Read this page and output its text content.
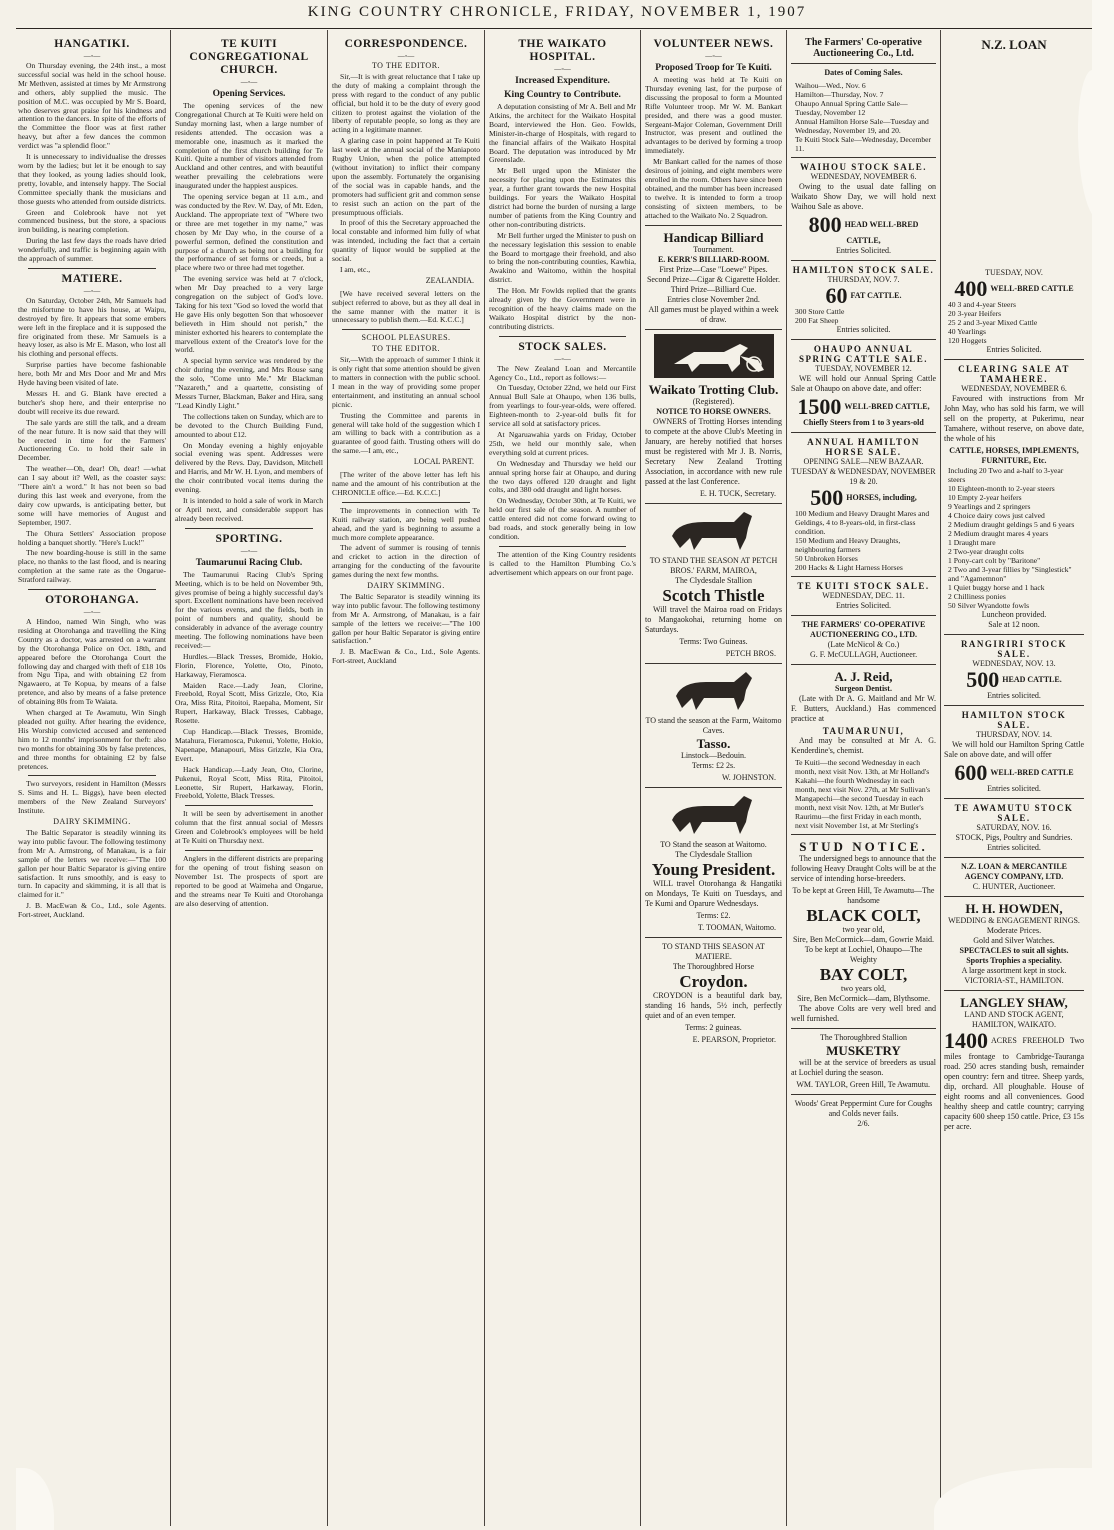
KING COUNTRY CHRONICLE, FRIDAY, NOVEMBER 1, 1907
HANGATIKI.
—◦—

On Thursday evening, the 24th inst., a most successful social was held in the school house. Mr Methven, assisted at times by Mr Armstrong and others, ably supplied the music. The position of M.C. was occupied by Mr S. Board, who deserves great praise for his kindness and attention to the dancers. In spite of the efforts of the Committee the floor was at first rather heavy, but after a few dances the common verdict was "a splendid floor."

It is unnecessary to individualise the dresses worn by the ladies; but let it be enough to say that they looked, as young ladies should look, pretty, lovable, and intensely happy. The Social Committee specially thank the musicians and those guests who attended from outside districts.

Green and Colebrook have not yet commenced business, but the store, a spacious iron building, is nearing completion.

During the last few days the roads have dried wonderfully, and traffic is beginning again with the approach of summer.

MATIERE.
—◦—

On Saturday, October 24th, Mr Samuels had the misfortune to have his house, at Waipu, destroyed by fire. It appears that some embers were left in the fireplace and it is supposed the fire originated from these. Mr Samuels is a heavy loser, as also is Mr E. Mason, who lost all his clothing and personal effects.

Surprise parties have become fashionable here, both Mr and Mrs Door and Mr and Mrs Hyde having been visited of late.

Messrs H. and G. Blank have erected a butcher's shop here, and their enterprise no doubt will receive its due reward.

The sale yards are still the talk, and a dream of the near future. It is now said that they will be erected in time for the Farmers' Auctioneering Co. to hold their sale in December.

The weather—Oh, dear! Oh, dear! —what can I say about it? Well, as the coaster says: "There ain't a word." It has not been so bad during this last week and everyone, from the dairy cow upwards, is anticipating better, but some will have memories of August and September, 1907.

The Ohura Settlers' Association propose holding a banquet shortly. "Here's Luck!"

The new boarding-house is still in the same place, no thanks to the last flood, and is nearing completion at the same rate as the Ongarue-Stratford railway.

OTOROHANGA.
—◦—

A Hindoo, named Win Singh, who was residing at Otorohanga and travelling the King Country as a doctor, was arrested on a warrant by the Otorohanga Police on Oct. 18th, and appeared before the Otorohanga Court the following day and charged with theft of £18 10s from Ngu Tipa, and with obtaining £2 from Ngawaero, at Te Kopua, by means of a false pretence, and also by means of a false pretence of obtaining 80s from Te Waiata.

When charged at Te Awamutu, Win Singh pleaded not guilty. After hearing the evidence, His Worship convicted accused and sentenced him to 12 months' imprisonment for theft: also two months for obtaining 30s by false pretences, and three months for obtaining £2 by false pretences.

Two surveyors, resident in Hamilton (Messrs S. Sims and H. L. Biggs), have been elected members of the New Zealand Surveyors' Institute.

DAIRY SKIMMING.

The Baltic Separator is steadily winning its way into public favour. The following testimony from Mr A. Armstrong, of Manakau, is a fair sample of the letters we receive:—"The 100 gallon per hour Baltic Separator is giving entire satisfaction. It runs smoothly, and is easy to turn. In capacity and skimming, it is all that is claimed for it."

J. B. MacEwan & Co., Ltd., sole Agents. Fort-street, Auckland.

TE KUITI CONGREGATIONAL CHURCH.
—◦—
Opening Services.

The opening services of the new Congregational Church at Te Kuiti were held on Sunday morning last, when a large number of residents attended. The occasion was a memorable one, inasmuch as it marked the completion of the first church building for Te Kuiti. Quite a number of visitors attended from Auckland and other centres, and with beautiful weather prevailing the celebrations were inaugurated under the happiest auspices.

The opening service began at 11 a.m., and was conducted by the Rev. W. Day, of Mt. Eden, Auckland. The appropriate text of "Where two or three are met together in my name," was chosen by Mr Day who, in the course of a powerful sermon, defined the constitution and purpose of a church as being not a building for the performance of set forms or creeds, but a place where two or three had met together.

The evening service was held at 7 o'clock, when Mr Day preached to a very large congregation on the subject of God's love. Taking for his text "God so loved the world that He gave His only begotten Son that whosoever believeth in Him should not perish," the minister exhorted his hearers to contemplate the marvellous extent of the Creator's love for the world.

A special hymn service was rendered by the choir during the evening, and Mrs Rouse sang the solo, "Come unto Me." Mr Blackman "Nazareth," and a quartette, consisting of Messrs Turner, Blackman, Baker and Hira, sang "Lead Kindly Light."

The collections taken on Sunday, which are to be devoted to the Church Building Fund, amounted to about £12.

On Monday evening a highly enjoyable social evening was spent. Addresses were delivered by the Revs. Day, Davidson, Mitchell and Harris, and Mr W. H. Lyon, and members of the choir contributed vocal items during the evening.

It is intended to hold a sale of work in March or April next, and considerable support has already been received.

SPORTING.
—◦—
Taumarunui Racing Club.

The Taumarunui Racing Club's Spring Meeting, which is to be held on November 9th, gives promise of being a highly successful day's sport. Excellent nominations have been received for the various events, and the fields, both in point of numbers and quality, should be considerably in advance of the average country meeting. The following nominations have been received:—

Hurdles.—Black Tresses, Bromide, Hokio, Florin, Florence, Yolette, Oto, Pinoto, Harkaway, Fieramosca.

Maiden Race.—Lady Jean, Clorine, Freebold, Royal Scott, Miss Grizzle, Oto, Kia Ora, Miss Rita, Pitoitoi, Raepaha, Moment, Sir Rupert, Harkaway, Black Tresses, Cabbage, Rosette.

Cup Handicap.—Black Tresses, Bromide, Matahura, Fieramosca, Pukenui, Yolette, Hokio, Napenape, Manapouri, Miss Grizzle, Kia Ora, Evert.

Hack Handicap.—Lady Jean, Oto, Clorine, Pukenui, Royal Scott, Miss Rita, Pitoitoi, Leonette, Sir Rupert, Harkaway, Florin, Freebold, Yolette, Black Tresses.

It will be seen by advertisement in another column that the first annual social of Messrs Green and Colebrook's employees will be held at Te Kuiti on Thursday next.

Anglers in the different districts are preparing for the opening of trout fishing season on November 1st. The prospects of sport are reported to be good at Waimeha and Ongarue, and the streams near Te Kuiti and Otorohanga are also deserving of attention.

CORRESPONDENCE.
—◦—
TO THE EDITOR.

Sir,—It is with great reluctance that I take up the duty of making a complaint through the press with regard to the conduct of any public official, but hold it to be the duty of every good citizen to protest against the violation of the liberty of reputable people, so long as they are acting in a legitimate manner.

A glaring case in point happened at Te Kuiti last week at the annual social of the Maniapoto Rugby Union, when the police attempted (without invitation) to inflict their company upon the assembly. Fortunately the organising of the social was in capable hands, and the promoters had sufficient grit and common sense to resist such an action on the part of the presumptuous officials.

In proof of this the Secretary approached the local constable and informed him fully of what was intended, including the fact that a certain quantity of liquor would be supplied at the social.

I am, etc.,

ZEALANDIA.

[We have received several letters on the subject referred to above, but as they all deal in the same manner with the matter it is unnecessary to publish them.—Ed. K.C.C.]

SCHOOL PLEASURES.
TO THE EDITOR.

Sir,—With the approach of summer I think it is only right that some attention should be given to matters in connection with the public school. I mean in the way of providing some proper entertainment, and instituting an annual school picnic.

Trusting the Committee and parents in general will take hold of the suggestion which I am willing to back with a contribution as a guarantee of good faith. Trusting others will do the same.—I am, etc.,

LOCAL PARENT.

[The writer of the above letter has left his name and the amount of his contribution at the CHRONICLE office.—Ed. K.C.C.]

The improvements in connection with Te Kuiti railway station, are being well pushed ahead, and the yard is beginning to assume a much more complete appearance.

The advent of summer is rousing of tennis and cricket to action in the direction of arranging for the conducting of the favourite games during the next few months.

DAIRY SKIMMING.

The Baltic Separator is steadily winning its way into public favour. The following testimony from Mr A. Armstrong, of Manakau, is a fair sample of the letters we receive:—"The 100 gallon per hour Baltic Separator is giving entire satisfaction."

J. B. MacEwan & Co., Ltd., Sole Agents. Fort-street, Auckland

THE WAIKATO HOSPITAL.
—◦—
Increased Expenditure.
King Country to Contribute.

A deputation consisting of Mr A. Bell and Mr Atkins, the architect for the Waikato Hospital Board, interviewed the Hon. Geo. Fowlds, Minister-in-charge of Hospitals, with regard to the financial affairs of the Waikato Hospital Board. The deputation was introduced by Mr Greenslade.

Mr Bell urged upon the Minister the necessity for placing upon the Estimates this year, a further grant towards the new Hospital buildings. For years the Waikato Hospital district had borne the burden of nursing a large number of patients from the King Country and other non-contributing districts.

Mr Bell further urged the Minister to push on the necessary legislation this session to enable the Board to mortgage their freehold, and also to bring the non-contributing counties, Kawhia, Awakino and Waitomo, within the hospital district.

The Hon. Mr Fowlds replied that the grants already given by the Government were in recognition of the heavy claims made on the Waikato Hospital district by the non-contributing districts.

STOCK SALES.
—◦—

The New Zealand Loan and Mercantile Agency Co., Ltd., report as follows:—

On Tuesday, October 22nd, we held our First Annual Bull Sale at Ohaupo, when 136 bulls, from yearlings to four-year-olds, were offered. Eighteen-month to 2-year-old bulls fit for service all sold at satisfactory prices.

At Ngaruawahia yards on Friday, October 25th, we held our monthly sale, when everything sold at current prices.

On Wednesday and Thursday we held our annual spring horse fair at Ohaupo, and during the two days offered 120 draught and light colts, and 380 odd draught and light horses.

On Wednesday, October 30th, at Te Kuiti, we held our first sale of the season. A number of cattle entered did not come forward owing to bad roads, and stock generally being in low condition.

The attention of the King Country residents is called to the Hamilton Plumbing Co.'s advertisement which appears on our front page.

VOLUNTEER NEWS.
—◦—
Proposed Troop for Te Kuiti.

A meeting was held at Te Kuiti on Thursday evening last, for the purpose of discussing the proposal to form a Mounted Rifle Volunteer troop. Mr W. M. Bankart presided, and there was a good muster. Sergeant-Major Coleman, Government Drill Instructor, was present and outlined the advantages to be derived by forming a troop immediately.

Mr Bankart called for the names of those desirous of joining, and eight members were enrolled in the room. Others have since been obtained, and the number has been increased to twelve. It is intended to form a troop consisting of sixteen members, to be attached to the Waikato No. 2 Squadron.

Handicap Billiard
Tournament.
E. KERR'S BILLIARD-ROOM.
First Prize—Case "Loewe" Pipes.
Second Prize—Cigar & Cigarette Holder.
Third Prize—Billiard Cue.
Entries close November 2nd.
All games must be played within a week of draw.
Waikato Trotting Club.
(Registered).
NOTICE TO HORSE OWNERS.

OWNERS of Trotting Horses intending to compete at the above Club's Meeting in January, are hereby notified that horses must be registered with Mr J. B. Norris, Secretary New Zealand Trotting Association, in accordance with new rule passed at the last Conference.

E. H. TUCK, Secretary.
TO STAND THE SEASON AT PETCH BROS.' FARM, MAIROA,
The Clydesdale Stallion
Scotch Thistle

Will travel the Mairoa road on Fridays to Mangaokohai, returning home on Saturdays.

Terms: Two Guineas.
PETCH BROS.
TO stand the season at the Farm, Waitomo Caves.
Tasso.
Linstock—Bedouin.
Terms: £2 2s.
W. JOHNSTON.
TO Stand the season at Waitomo.
The Clydesdale Stallion
Young President.

WILL travel Otorohanga & Hangatiki on Mondays, Te Kuiti on Tuesdays, and Te Kumi and Oparure Wednesdays.

Terms: £2.
T. TOOMAN, Waitomo.
TO STAND THIS SEASON AT MATIERE.
The Thoroughbred Horse
Croydon.

CROYDON is a beautiful dark bay, standing 16 hands, 5½ inch, perfectly quiet and of an even temper.

Terms: 2 guineas.
E. PEARSON, Proprietor.
The Farmers' Co-operative Auctioneering Co., Ltd.
Dates of Coming Sales.
Waihou—Wed., Nov. 6
Hamilton—Thursday, Nov. 7
Ohaupo Annual Spring Cattle Sale—Tuesday, November 12
Annual Hamilton Horse Sale—Tuesday and Wednesday, November 19, and 20.
Te Kuiti Stock Sale—Wednesday, December 11.
WAIHOU STOCK SALE.
WEDNESDAY, NOVEMBER 6.

Owing to the usual date falling on Waikato Show Day, we will hold next Waihou Sale as above.

800 HEAD WELL-BRED CATTLE,
Entries Solicited.
HAMILTON STOCK SALE.
THURSDAY, NOV. 7.
60 FAT CATTLE.
300 Store Cattle
200 Fat Sheep
Entries solicited.
OHAUPO ANNUAL SPRING CATTLE SALE.
TUESDAY, NOVEMBER 12.

WE will hold our Annual Spring Cattle Sale at Ohaupo on above date, and offer:

1500 WELL-BRED CATTLE, Chiefly Steers from 1 to 3 years-old
ANNUAL HAMILTON HORSE SALE.
OPENING SALE—NEW BAZAAR.
TUESDAY & WEDNESDAY, NOVEMBER 19 & 20.
500 HORSES, including,
100 Medium and Heavy Draught Mares and Geldings, 4 to 8-years-old, in first-class condition.
150 Medium and Heavy Draughts, neighbouring farmers
50 Unbroken Horses
200 Hacks & Light Harness Horses
TE KUITI STOCK SALE.
WEDNESDAY, DEC. 11.
Entries Solicited.
THE FARMERS' CO-OPERATIVE AUCTIONEERING CO., LTD.
(Late McNicol & Co.)
G. F. McCULLAGH, Auctioneer.
A. J. Reid,
Surgeon Dentist.

(Late with Dr A. G. Maitland and Mr W. F. Butters, Auckland.) Has commenced practice at

TAUMARUNUI,

And may be consulted at Mr A. G. Kenderdine's, chemist.

Te Kuiti—the second Wednesday in each month, next visit Nov. 13th, at Mr Holland's
Kakahi—the fourth Wednesday in each month, next visit Nov. 27th, at Mr Sullivan's
Mangapechi—the second Tuesday in each month, next visit Nov. 12th, at Mr Butler's
Raurimu—the first Friday in each month, next visit November 1st, at Mr Sterling's
STUD NOTICE.

The undersigned begs to announce that the following Heavy Draught Colts will be at the service of intending horse-breeders.

To be kept at Green Hill, Te Awamutu—The handsome
BLACK COLT,
two year old,
Sire, Ben McCormick—dam, Gowrie Maid.
To be kept at Lochiel, Ohaupo—The Weighty
BAY COLT,
two years old,
Sire, Ben McCormick—dam, Blythsome.

The above Colts are very well bred and well furnished.

The Thoroughbred Stallion
MUSKETRY

will be at the service of breeders as usual at Lochiel during the season.

WM. TAYLOR, Green Hill, Te Awamutu.
Woods' Great Peppermint Cure for Coughs and Colds never fails.
2/6.
N.Z. LOAN
TUESDAY, NOV.
400 WELL-BRED CATTLE
40 3 and 4-year Steers
20 3-year Heifers
25 2 and 3-year Mixed Cattle
40 Yearlings
120 Hoggets
Entries Solicited.
CLEARING SALE AT TAMAHERE.
WEDNESDAY, NOVEMBER 6.

Favoured with instructions from Mr John May, who has sold his farm, we will sell on the property, at Pukerimu, near Tamahere, without reserve, on above date, the whole of his

CATTLE, HORSES, IMPLEMENTS, FURNITURE, Etc.
Including 20 Two and a-half to 3-year steers
10 Eighteen-month to 2-year steers
10 Empty 2-year heifers
9 Yearlings and 2 springers
4 Choice dairy cows just calved
2 Medium draught geldings 5 and 6 years
2 Medium draught mares 4 years
1 Draught mare
2 Two-year draught colts
1 Pony-cart colt by "Baritone"
2 Two and 3-year fillies by "Singlestick" and "Agamemnon"
1 Quiet buggy horse and 1 hack
2 Chilliness ponies
50 Silver Wyandotte fowls
Luncheon provided.
Sale at 12 noon.
RANGIRIRI STOCK SALE.
WEDNESDAY, NOV. 13.
500 HEAD CATTLE.
Entries solicited.
HAMILTON STOCK SALE.
THURSDAY, NOV. 14.

We will hold our Hamilton Spring Cattle Sale on above date, and will offer

600 WELL-BRED CATTLE
Entries solicited.
TE AWAMUTU STOCK SALE.
SATURDAY, NOV. 16.
STOCK, Pigs, Poultry and Sundries.
Entries solicited.
N.Z. LOAN & MERCANTILE AGENCY COMPANY, LTD.
C. HUNTER, Auctioneer.
H. H. HOWDEN,
WEDDING & ENGAGEMENT RINGS.
Moderate Prices.
Gold and Silver Watches.
SPECTACLES to suit all sights.
Sports Trophies a speciality.
A large assortment kept in stock.
VICTORIA-ST., HAMILTON.
LANGLEY SHAW,
LAND AND STOCK AGENT,
HAMILTON, WAIKATO.
1400 ACRES FREEHOLD Two miles frontage to Cambridge-Tauranga road. 250 acres standing bush, remainder open country: fern and titree. Sheep yards, dip, orchard. All ploughable. House of eight rooms and all conveniences. Good healthy sheep and cattle country; carrying capacity 600 sheep 150 cattle. Price, £3 15s per acre.
